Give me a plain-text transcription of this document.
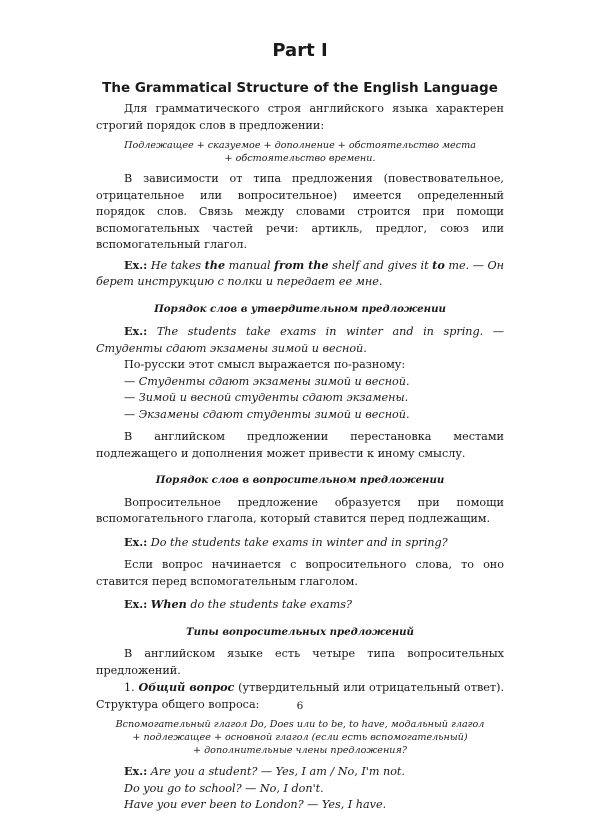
Part I
The Grammatical Structure of the English Language

Для грамматического строя английского языка характерен строгий порядок слов в предложении:

Подлежащее + сказуемое + дополнение + обстоятельство места
+ обстоятельство времени.

В зависимости от типа предложения (повествовательное, отрицательное или вопросительное) имеется определенный порядок слов. Связь между словами строится при помощи вспомогательных частей речи: артикль, предлог, союз или вспомогательный глагол.

Ex.: He takes the manual from the shelf and gives it to me. — Он берет инструкцию с полки и передает ее мне.

Порядок слов в утвердительном предложении

Ex.: The students take exams in winter and in spring. — Студенты сдают экзамены зимой и весной.

По-русски этот смысл выражается по-разному:

— Студенты сдают экзамены зимой и весной.

— Зимой и весной студенты сдают экзамены.

— Экзамены сдают студенты зимой и весной.

В английском предложении перестановка местами подлежащего и дополнения может привести к иному смыслу.

Порядок слов в вопросительном предложении

Вопросительное предложение образуется при помощи вспомогательного глагола, который ставится перед подлежащим.

Ex.: Do the students take exams in winter and in spring?

Если вопрос начинается с вопросительного слова, то оно ставится перед вспомогательным глаголом.

Ex.: When do the students take exams?

Типы вопросительных предложений

В английском языке есть четыре типа вопросительных предложений.

1. Общий вопрос (утвердительный или отрицательный ответ). Структура общего вопроса:

Вспомогательный глагол Do, Does или to be, to have, модальный глагол
+ подлежащее + основной глагол (если есть вспомогательный)
+ дополнительные члены предложения?

Ex.: Are you a student? — Yes, I am / No, I'm not.

Do you go to school? — No, I don't.

Have you ever been to London? — Yes, I have.

6
